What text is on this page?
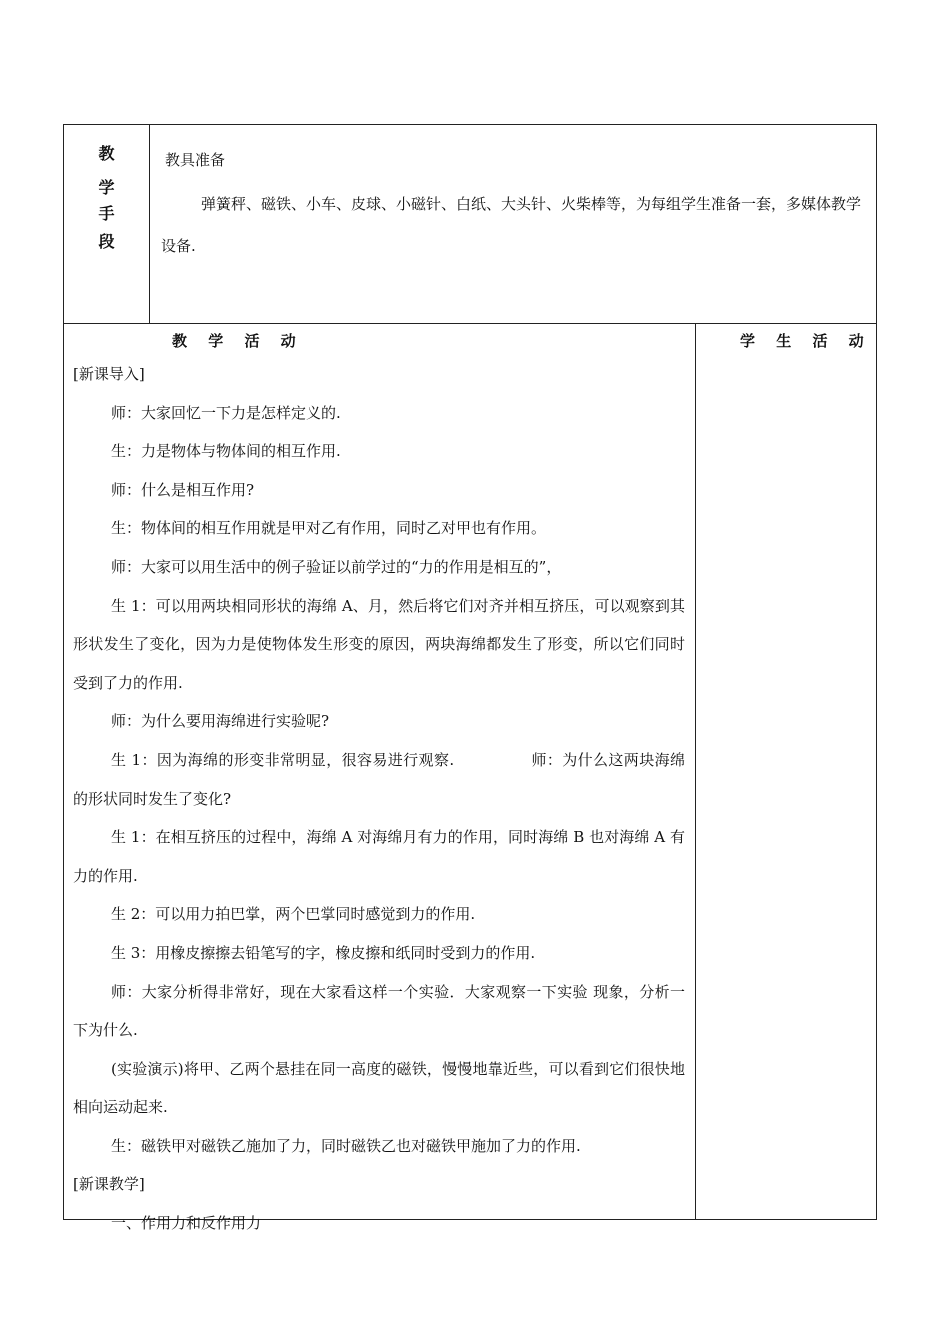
教
学
手
段
教具准备

弹簧秤、磁铁、小车、皮球、小磁针、白纸、大头针、火柴棒等，为每组学生准备一套，多媒体教学设备.

教 学 活 动	学 生 活 动

[新课导入]

师：大家回忆一下力是怎样定义的.

生：力是物体与物体间的相互作用.

师：什么是相互作用?

生：物体间的相互作用就是甲对乙有作用，同时乙对甲也有作用。

师：大家可以用生活中的例子验证以前学过的“力的作用是相互的”，

生 1：可以用两块相同形状的海绵 A、月，然后将它们对齐并相互挤压，可以观察到其形状发生了变化，因为力是使物体发生形变的原因，两块海绵都发生了形变，所以它们同时受到了力的作用.

师：为什么要用海绵进行实验呢?

生 1：因为海绵的形变非常明显，很容易进行观察.　　　　　师：为什么这两块海绵的形状同时发生了变化?

生 1：在相互挤压的过程中，海绵 A 对海绵月有力的作用，同时海绵 B 也对海绵 A 有力的作用.

生 2：可以用力拍巴掌，两个巴掌同时感觉到力的作用.

生 3：用橡皮擦擦去铅笔写的字，橡皮擦和纸同时受到力的作用.

师：大家分析得非常好，现在大家看这样一个实验．大家观察一下实验 现象，分析一下为什么.

(实验演示)将甲、乙两个悬挂在同一高度的磁铁，慢慢地靠近些，可以看到它们很快地相向运动起来.

生：磁铁甲对磁铁乙施加了力，同时磁铁乙也对磁铁甲施加了力的作用.

[新课教学]

一、作用力和反作用力
